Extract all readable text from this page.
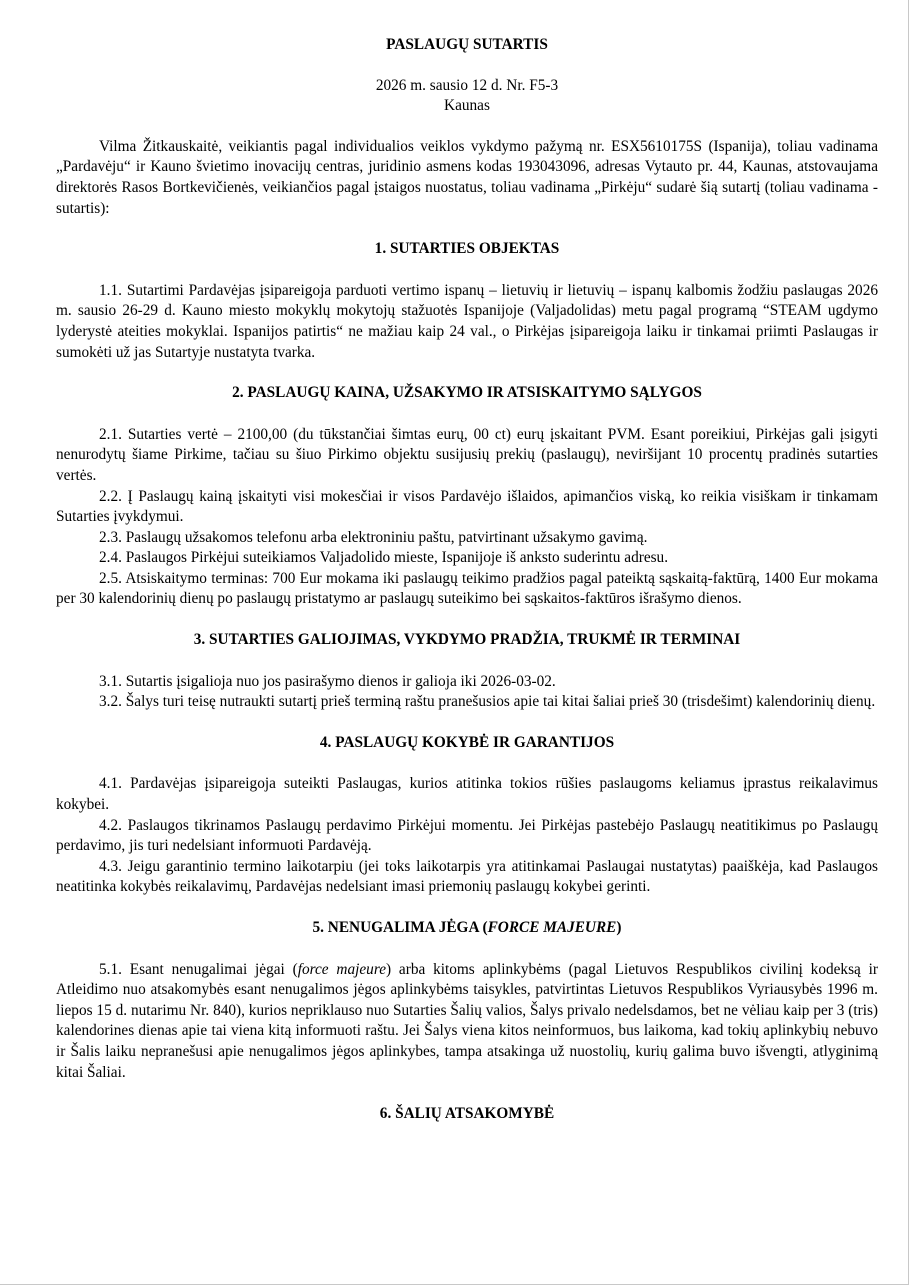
PASLAUGŲ SUTARTIS

2026 m. sausio 12 d. Nr. F5-3
Kaunas

Vilma Žitkauskaitė, veikiantis pagal individualios veiklos vykdymo pažymą nr. ESX5610175S (Ispanija), toliau vadinama „Pardavėju“ ir Kauno švietimo inovacijų centras, juridinio asmens kodas 193043096, adresas Vytauto pr. 44, Kaunas, atstovaujama direktorės Rasos Bortkevičienės, veikiančios pagal įstaigos nuostatus, toliau vadinama „Pirkėju“ sudarė šią sutartį (toliau vadinama - sutartis):

1. SUTARTIES OBJEKTAS

1.1. Sutartimi Pardavėjas įsipareigoja parduoti vertimo ispanų – lietuvių ir lietuvių – ispanų kalbomis žodžiu paslaugas 2026 m. sausio 26-29 d. Kauno miesto mokyklų mokytojų stažuotės Ispanijoje (Valjadolidas) metu pagal programą “STEAM ugdymo lyderystė ateities mokyklai. Ispanijos patirtis“ ne mažiau kaip 24 val., o Pirkėjas įsipareigoja laiku ir tinkamai priimti Paslaugas ir sumokėti už jas Sutartyje nustatyta tvarka.

2. PASLAUGŲ KAINA, UŽSAKYMO IR ATSISKAITYMO SĄLYGOS

2.1. Sutarties vertė – 2100,00 (du tūkstančiai šimtas eurų, 00 ct) eurų įskaitant PVM. Esant poreikiui, Pirkėjas gali įsigyti nenurodytų šiame Pirkime, tačiau su šiuo Pirkimo objektu susijusių prekių (paslaugų), neviršijant 10 procentų pradinės sutarties vertės.

2.2. Į Paslaugų kainą įskaityti visi mokesčiai ir visos Pardavėjo išlaidos, apimančios viską, ko reikia visiškam ir tinkamam Sutarties įvykdymui.

2.3. Paslaugų užsakomos telefonu arba elektroniniu paštu, patvirtinant užsakymo gavimą.

2.4. Paslaugos Pirkėjui suteikiamos Valjadolido mieste, Ispanijoje iš anksto suderintu adresu.

2.5. Atsiskaitymo terminas: 700 Eur mokama iki paslaugų teikimo pradžios pagal pateiktą sąskaitą-faktūrą, 1400 Eur mokama per 30 kalendorinių dienų po paslaugų pristatymo ar paslaugų suteikimo bei sąskaitos-faktūros išrašymo dienos.

3. SUTARTIES GALIOJIMAS, VYKDYMO PRADŽIA, TRUKMĖ IR TERMINAI

3.1. Sutartis įsigalioja nuo jos pasirašymo dienos ir galioja iki 2026-03-02.

3.2. Šalys turi teisę nutraukti sutartį prieš terminą raštu pranešusios apie tai kitai šaliai prieš 30 (trisdešimt) kalendorinių dienų.

4. PASLAUGŲ KOKYBĖ IR GARANTIJOS

4.1. Pardavėjas įsipareigoja suteikti Paslaugas, kurios atitinka tokios rūšies paslaugoms keliamus įprastus reikalavimus kokybei.

4.2. Paslaugos tikrinamos Paslaugų perdavimo Pirkėjui momentu. Jei Pirkėjas pastebėjo Paslaugų neatitikimus po Paslaugų perdavimo, jis turi nedelsiant informuoti Pardavėją.

4.3. Jeigu garantinio termino laikotarpiu (jei toks laikotarpis yra atitinkamai Paslaugai nustatytas) paaiškėja, kad Paslaugos neatitinka kokybės reikalavimų, Pardavėjas nedelsiant imasi priemonių paslaugų kokybei gerinti.

5. NENUGALIMA JĖGA (FORCE MAJEURE)

5.1. Esant nenugalimai jėgai (force majeure) arba kitoms aplinkybėms (pagal Lietuvos Respublikos civilinį kodeksą ir Atleidimo nuo atsakomybės esant nenugalimos jėgos aplinkybėms taisykles, patvirtintas Lietuvos Respublikos Vyriausybės 1996 m. liepos 15 d. nutarimu Nr. 840), kurios nepriklauso nuo Sutarties Šalių valios, Šalys privalo nedelsdamos, bet ne vėliau kaip per 3 (tris) kalendorines dienas apie tai viena kitą informuoti raštu. Jei Šalys viena kitos neinformuos, bus laikoma, kad tokių aplinkybių nebuvo ir Šalis laiku nepranešusi apie nenugalimos jėgos aplinkybes, tampa atsakinga už nuostolių, kurių galima buvo išvengti, atlyginimą kitai Šaliai.

6. ŠALIŲ ATSAKOMYBĖ
